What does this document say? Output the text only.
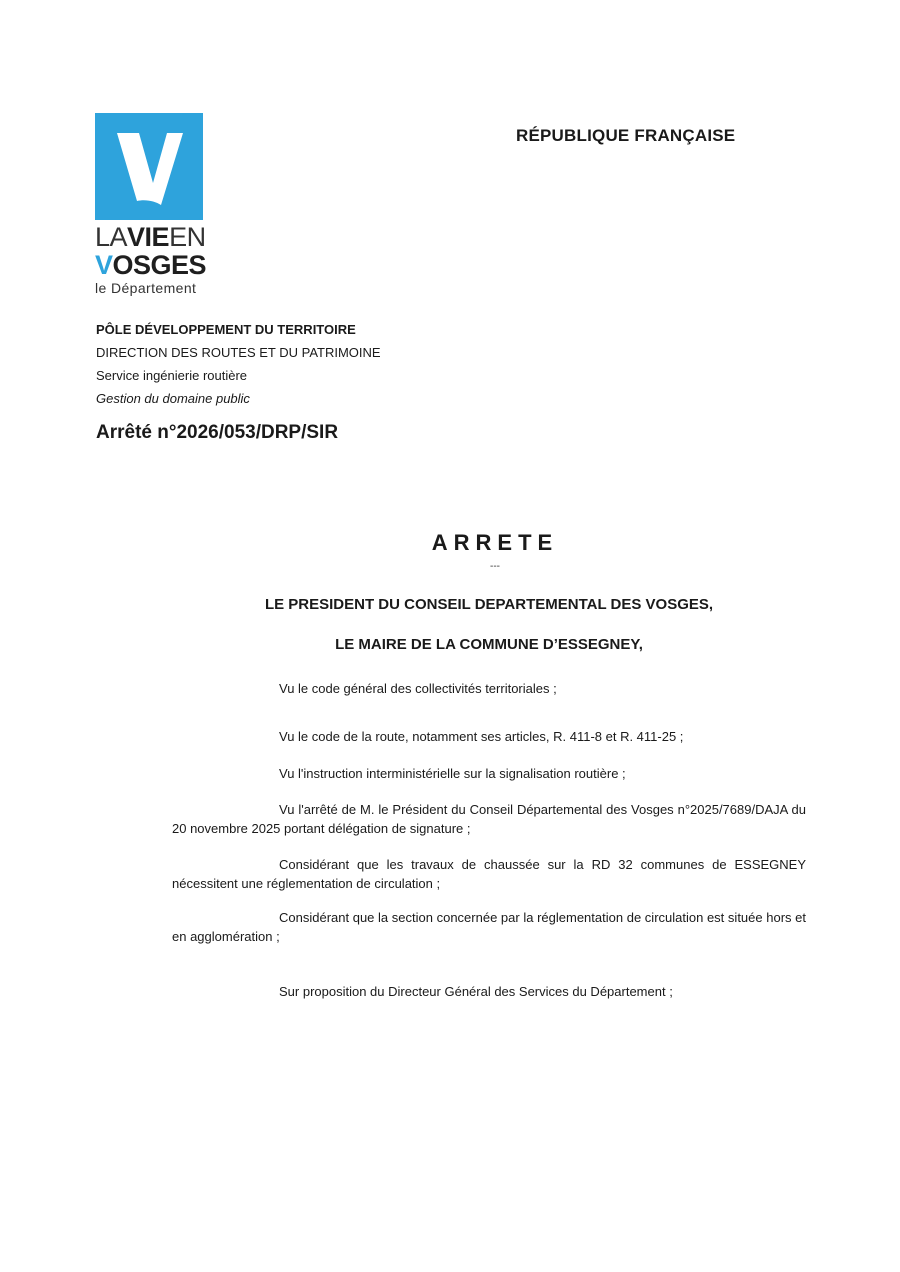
LAVIEEN
VOSGES
le Département
RÉPUBLIQUE FRANÇAISE
PÔLE DÉVELOPPEMENT DU TERRITOIRE
DIRECTION DES ROUTES ET DU PATRIMOINE
Service ingénierie routière
Gestion du domaine public
Arrêté n°2026/053/DRP/SIR
ARRETE
---
LE PRESIDENT DU CONSEIL DEPARTEMENTAL DES VOSGES,
LE MAIRE DE LA COMMUNE D’ESSEGNEY,

Vu le code général des collectivités territoriales ;

Vu le code de la route, notamment ses articles, R. 411-8 et R. 411-25 ;

Vu l'instruction interministérielle sur la signalisation routière ;

Vu l'arrêté de M. le Président du Conseil Départemental des Vosges n°2025/7689/DAJA du 20 novembre 2025 portant délégation de signature ;

Considérant que les travaux de chaussée sur la RD 32 communes de ESSEGNEY nécessitent une réglementation de circulation ;

Considérant que la section concernée par la réglementation de circulation est située hors et en agglomération ;

Sur proposition du Directeur Général des Services du Département ;
